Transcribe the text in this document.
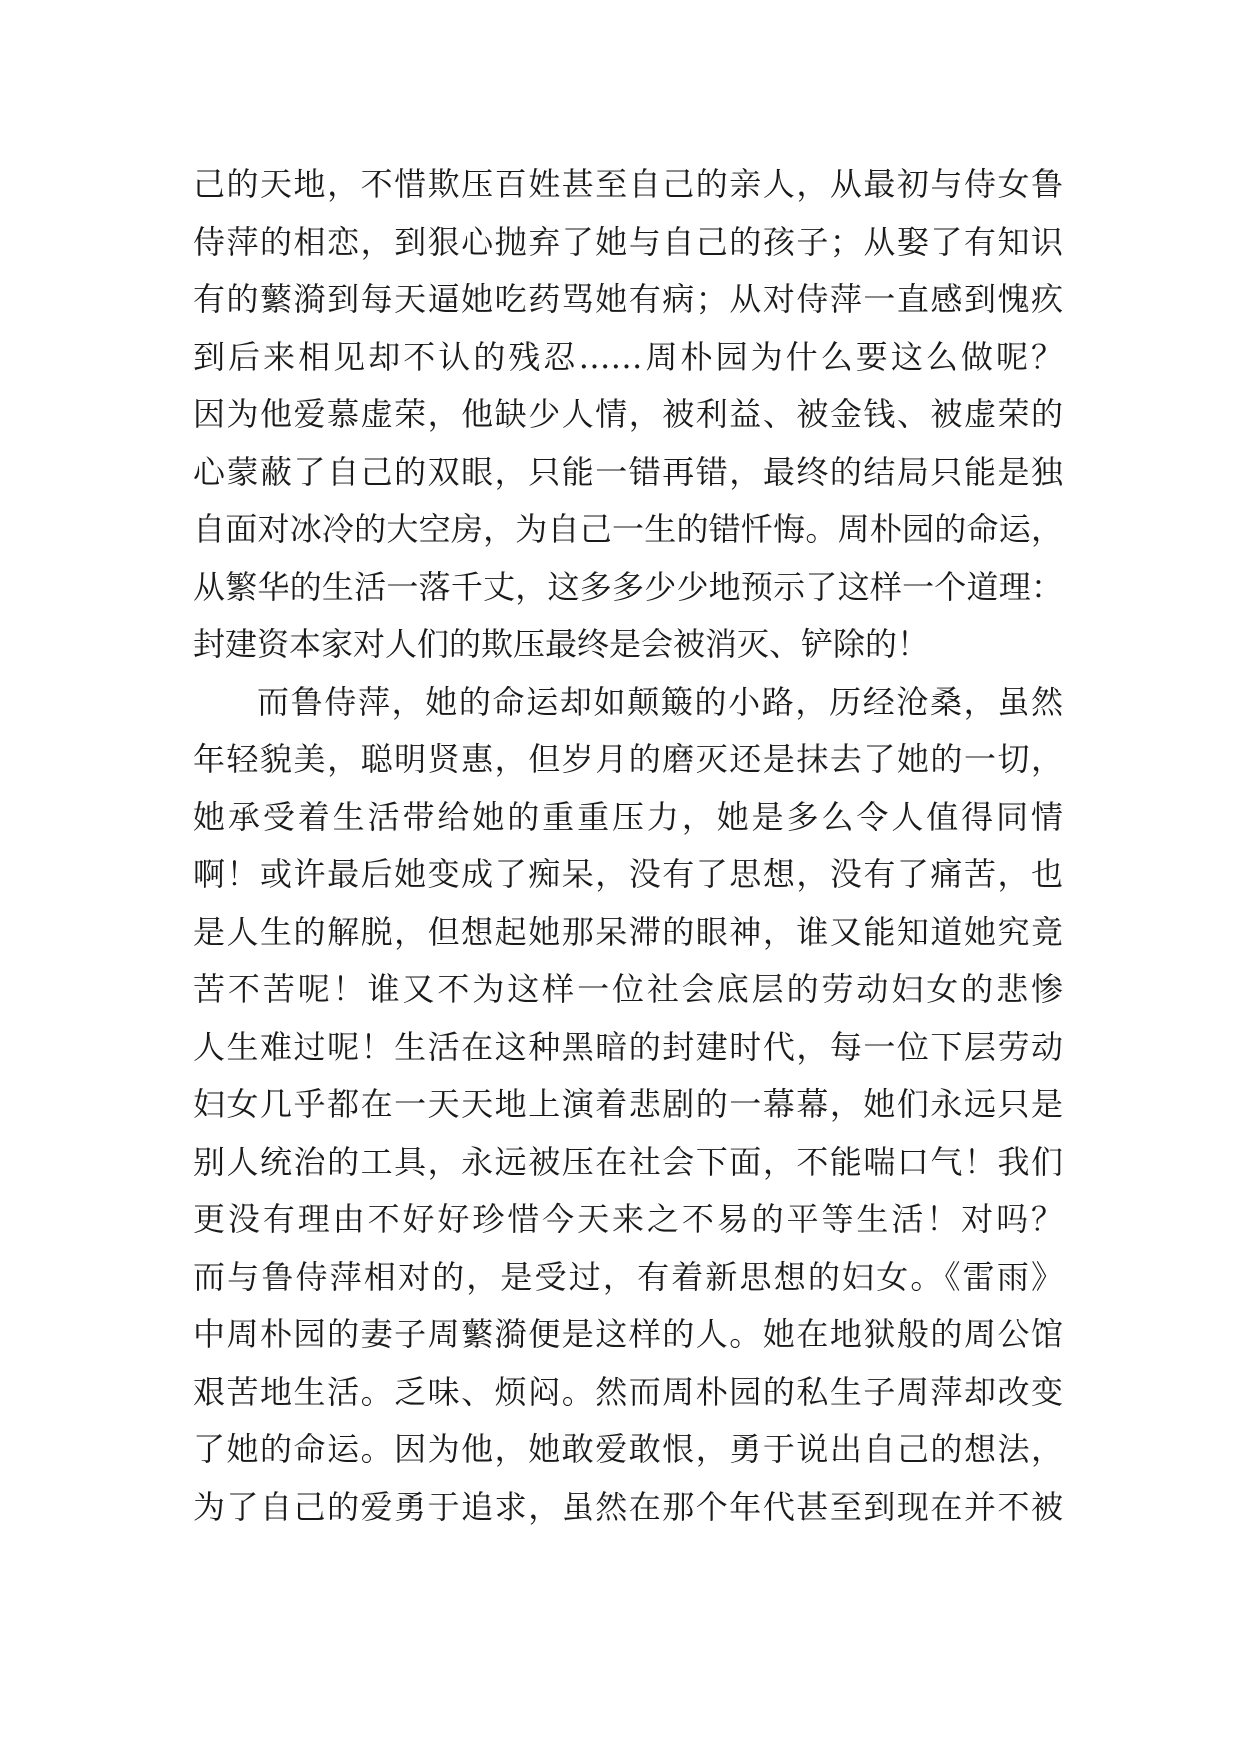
己的天地，不惜欺压百姓甚至自己的亲人，从最初与侍女鲁
侍萍的相恋，到狠心抛弃了她与自己的孩子；从娶了有知识
有的蘩漪到每天逼她吃药骂她有病；从对侍萍一直感到愧疚
到后来相见却不认的残忍……周朴园为什么要这么做呢？
因为他爱慕虚荣，他缺少人情，被利益、被金钱、被虚荣的
心蒙蔽了自己的双眼，只能一错再错，最终的结局只能是独
自面对冰冷的大空房，为自己一生的错忏悔。周朴园的命运，
从繁华的生活一落千丈，这多多少少地预示了这样一个道理：
封建资本家对人们的欺压最终是会被消灭、铲除的！
而鲁侍萍，她的命运却如颠簸的小路，历经沧桑，虽然
年轻貌美，聪明贤惠，但岁月的磨灭还是抹去了她的一切，
她承受着生活带给她的重重压力，她是多么令人值得同情
啊！或许最后她变成了痴呆，没有了思想，没有了痛苦，也
是人生的解脱，但想起她那呆滞的眼神，谁又能知道她究竟
苦不苦呢！谁又不为这样一位社会底层的劳动妇女的悲惨
人生难过呢！生活在这种黑暗的封建时代，每一位下层劳动
妇女几乎都在一天天地上演着悲剧的一幕幕，她们永远只是
别人统治的工具，永远被压在社会下面，不能喘口气！我们
更没有理由不好好珍惜今天来之不易的平等生活！对吗？
而与鲁侍萍相对的，是受过，有着新思想的妇女。《雷雨》
中周朴园的妻子周蘩漪便是这样的人。她在地狱般的周公馆
艰苦地生活。乏味、烦闷。然而周朴园的私生子周萍却改变
了她的命运。因为他，她敢爱敢恨，勇于说出自己的想法，
为了自己的爱勇于追求，虽然在那个年代甚至到现在并不被
